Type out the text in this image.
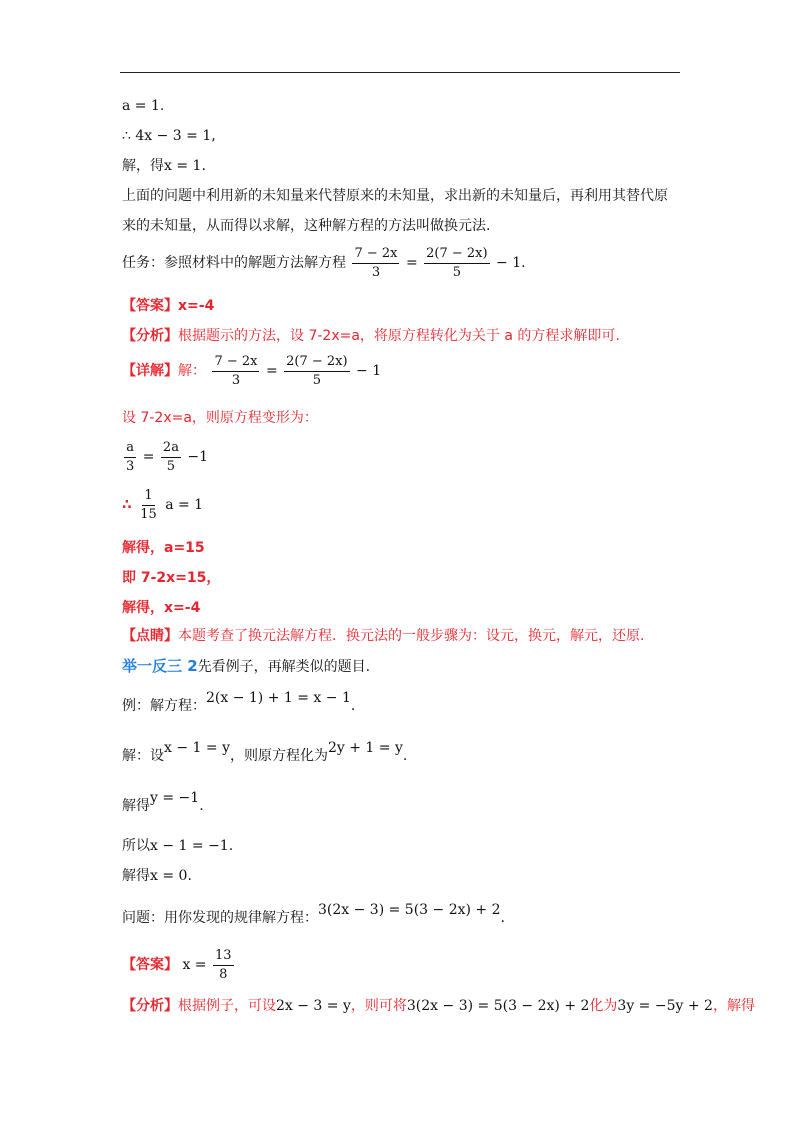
a = 1.
∴ 4x − 3 = 1,
解，得x = 1.
上面的问题中利用新的未知量来代替原来的未知量，求出新的未知量后，再利用其替代原
来的未知量，从而得以求解，这种解方程的方法叫做换元法.
任务：参照材料中的解题方法解方程 $\frac{7 - 2x}{3} = \frac{2(7 - 2x)}{5} - 1$.
【答案】x=-4
【分析】根据题示的方法，设 7-2x=a，将原方程转化为关于 a 的方程求解即可.
【详解】解： $\frac{7 - 2x}{3} = \frac{2(7 - 2x)}{5} - 1$
设 7-2x=a，则原方程变形为：
$\frac{a}{3} = \frac{2a}{5} -1$
∴ $\frac{1}{15}$ a = 1
解得，a=15
即 7-2x=15，
解得，x=-4
【点睛】本题考查了换元法解方程．换元法的一般步骤为：设元，换元，解元，还原.
举一反三 2先看例子，再解类似的题目.
例：解方程：2(x − 1) + 1 = x − 1.
解：设x − 1 = y，则原方程化为2y + 1 = y.
解得y = −1.
所以x − 1 = −1.
解得x = 0.
问题：用你发现的规律解方程：3(2x − 3) = 5(3 − 2x) + 2.
【答案】 $x = \frac{13}{8}$
【分析】根据例子，可设2x − 3 = y，则可将3(2x − 3) = 5(3 − 2x) + 2化为3y = −5y + 2，解得
